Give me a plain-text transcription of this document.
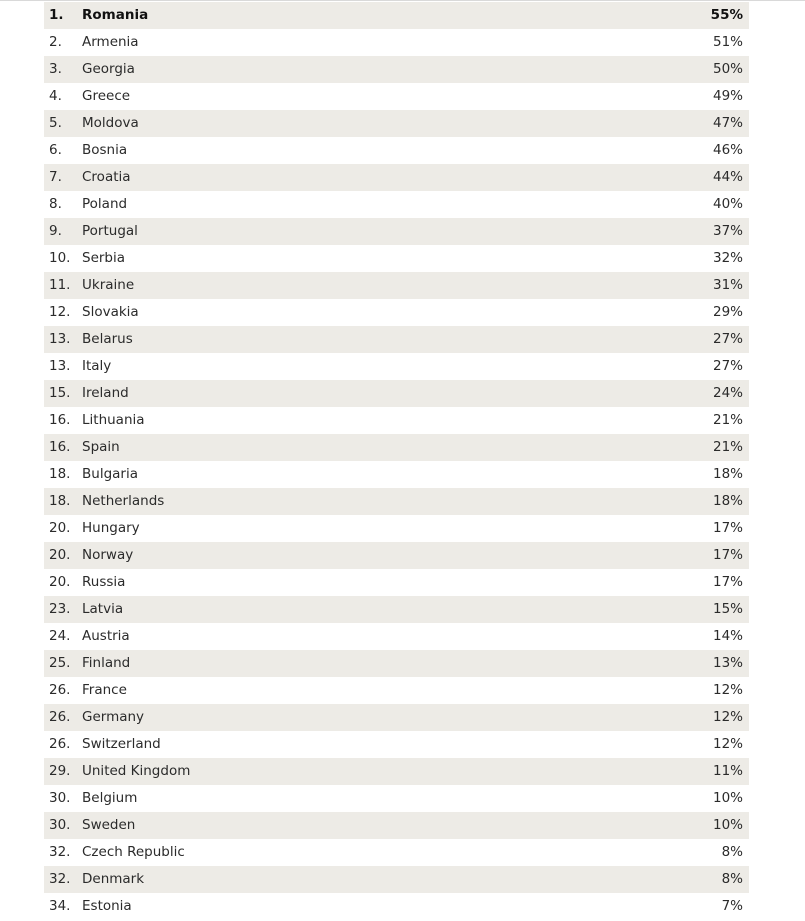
1. Romania	55%
2. Armenia	51%
3. Georgia	50%
4. Greece	49%
5. Moldova	47%
6. Bosnia	46%
7. Croatia	44%
8. Poland	40%
9. Portugal	37%
10. Serbia	32%
11. Ukraine	31%
12. Slovakia	29%
13. Belarus	27%
13. Italy	27%
15. Ireland	24%
16. Lithuania	21%
16. Spain	21%
18. Bulgaria	18%
18. Netherlands	18%
20. Hungary	17%
20. Norway	17%
20. Russia	17%
23. Latvia	15%
24. Austria	14%
25. Finland	13%
26. France	12%
26. Germany	12%
26. Switzerland	12%
29. United Kingdom	11%
30. Belgium	10%
30. Sweden	10%
32. Czech Republic	8%
32. Denmark	8%
34. Estonia	7%
